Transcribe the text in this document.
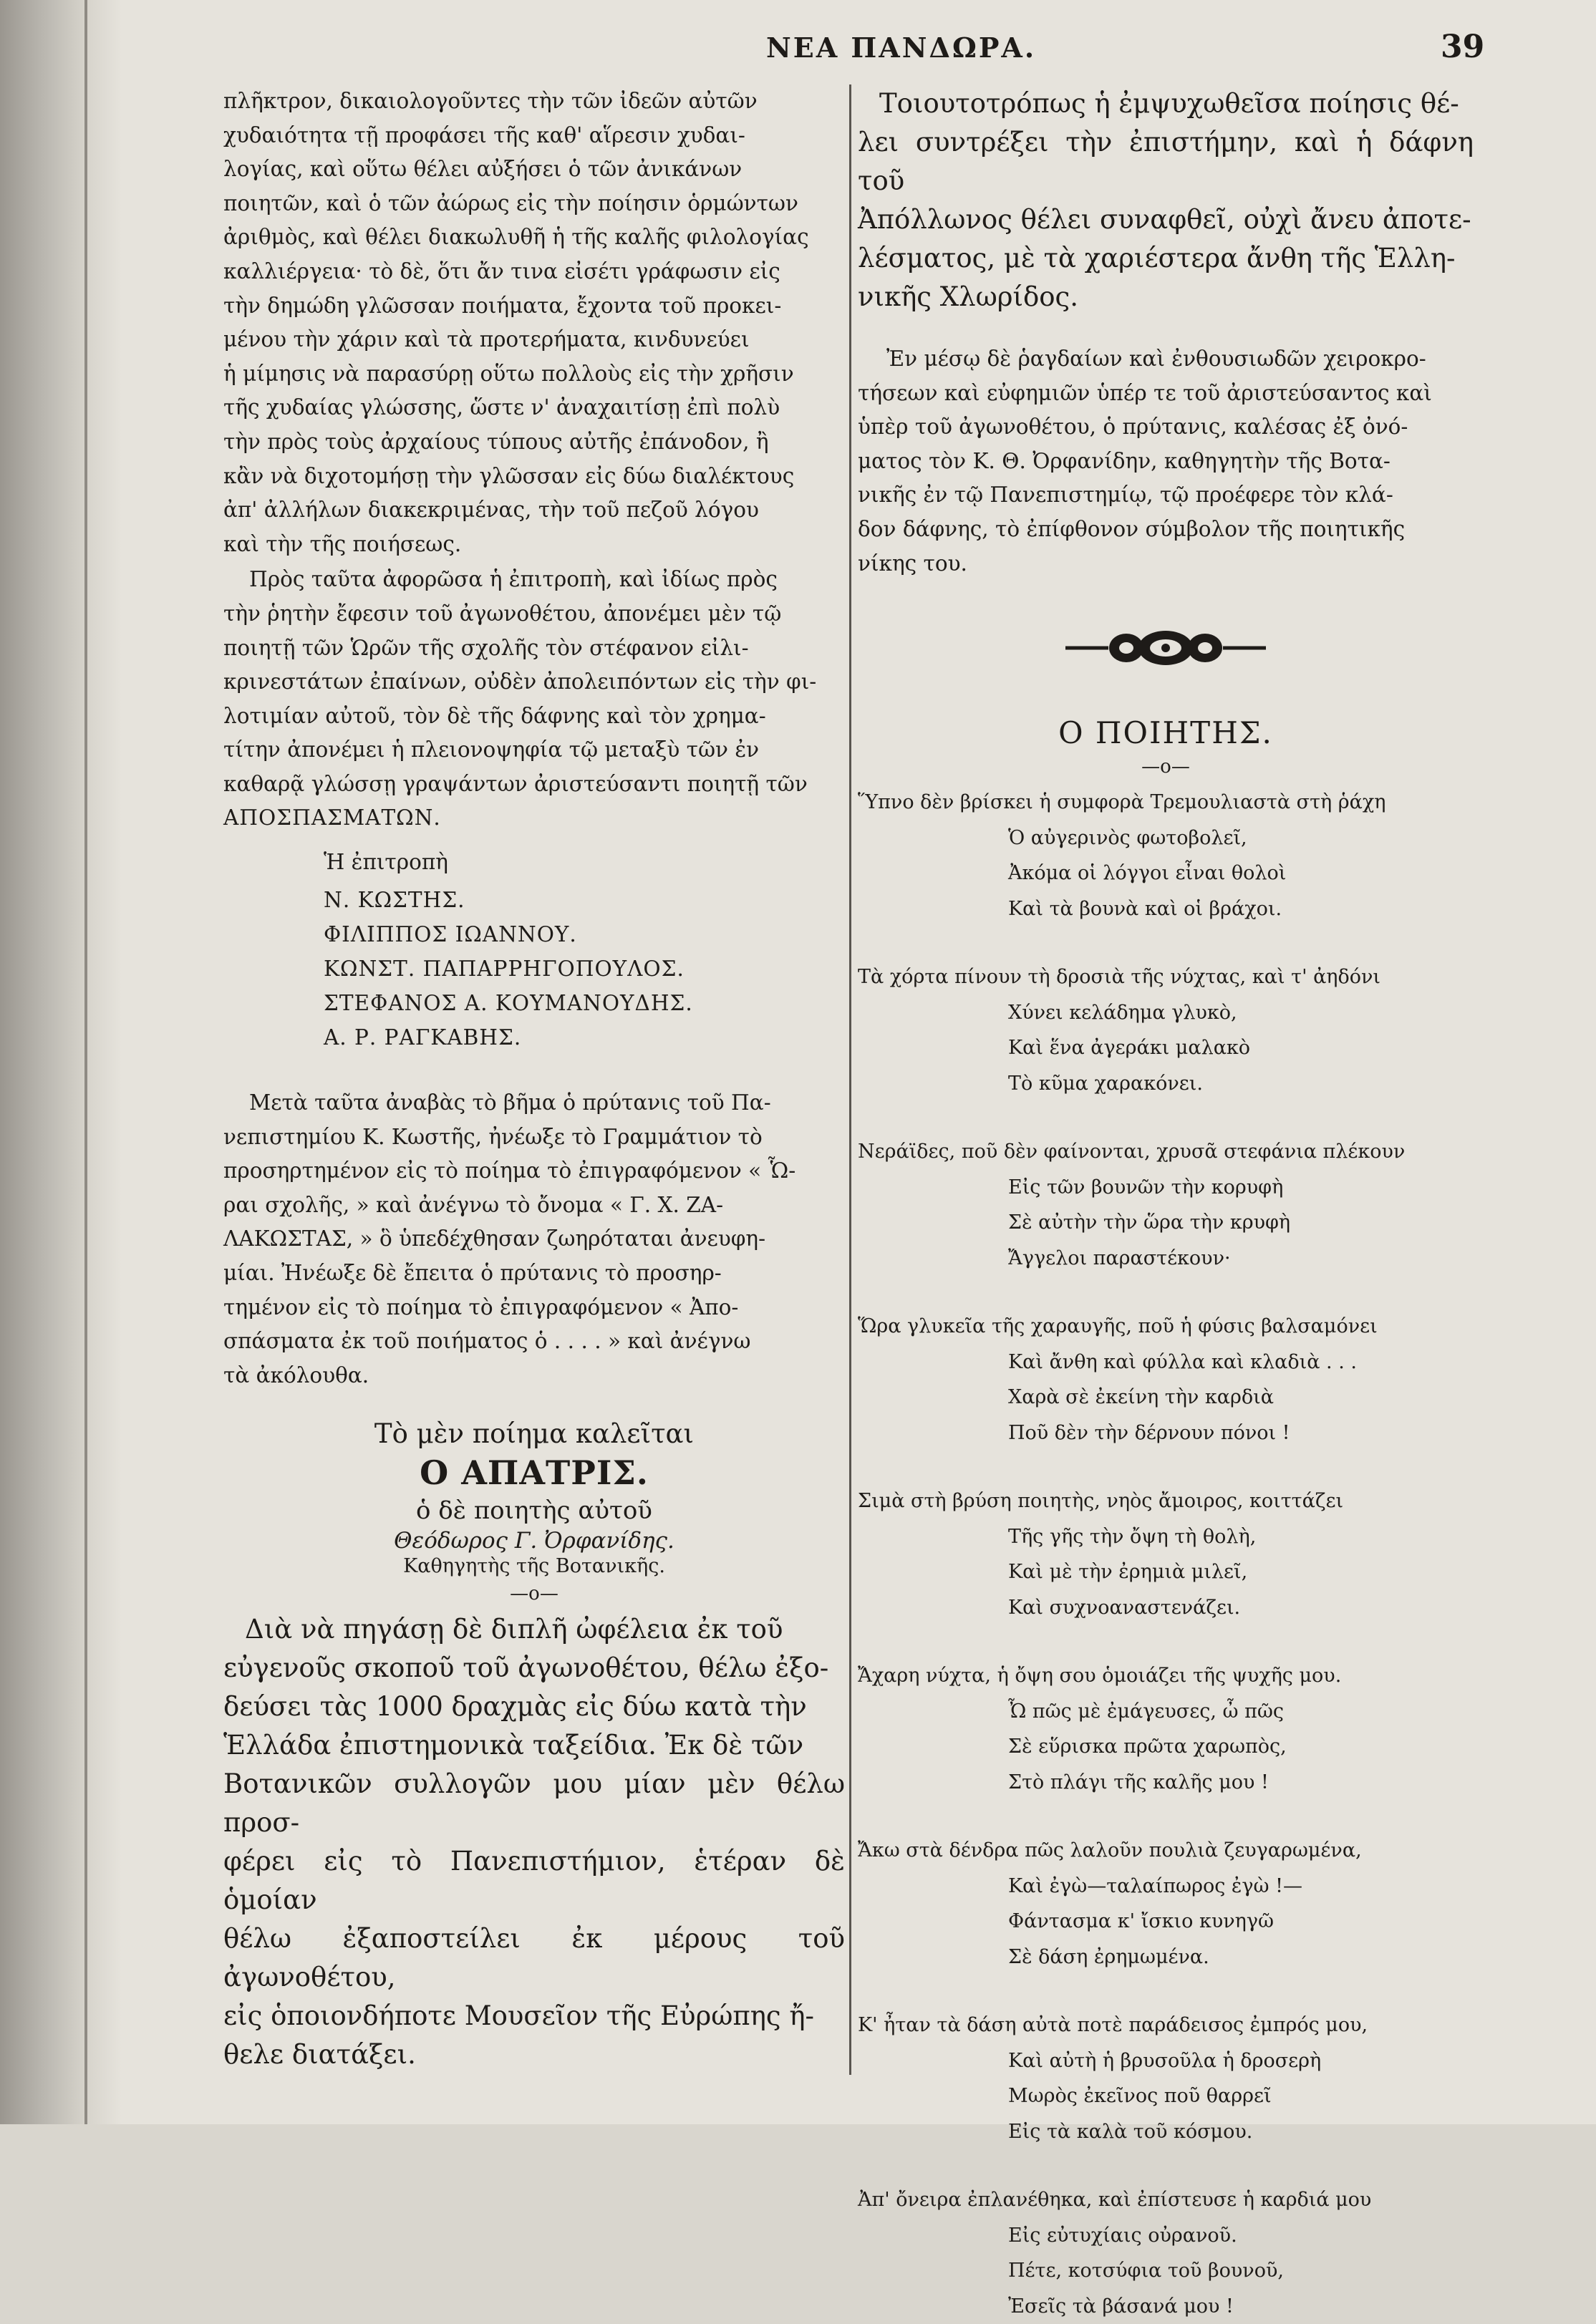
ΝΕΑ ΠΑΝΔΩΡΑ.	39
πλῆκτρον, δικαιολογοῦντες τὴν τῶν ἰδεῶν αὐτῶν
χυδαιότητα τῇ προφάσει τῆς καθ' αἵρεσιν χυδαι-
λογίας, καὶ οὕτω θέλει αὐξήσει ὁ τῶν ἀνικάνων
ποιητῶν, καὶ ὁ τῶν ἀώρως εἰς τὴν ποίησιν ὁρμώντων
ἀριθμὸς, καὶ θέλει διακωλυθῆ ἡ τῆς καλῆς φιλολογίας
καλλιέργεια· τὸ δὲ, ὅτι ἄν τινα εἰσέτι γράφωσιν εἰς
τὴν δημώδη γλῶσσαν ποιήματα, ἔχοντα τοῦ προκει-
μένου τὴν χάριν καὶ τὰ προτερήματα, κινδυνεύει
ἡ μίμησις νὰ παρασύρῃ οὕτω πολλοὺς εἰς τὴν χρῆσιν
τῆς χυδαίας γλώσσης, ὥστε ν' ἀναχαιτίσῃ ἐπὶ πολὺ
τὴν πρὸς τοὺς ἀρχαίους τύπους αὐτῆς ἐπάνοδον, ἢ
κἂν νὰ διχοτομήσῃ τὴν γλῶσσαν εἰς δύω διαλέκτους
ἀπ' ἀλλήλων διακεκριμένας, τὴν τοῦ πεζοῦ λόγου
καὶ τὴν τῆς ποιήσεως.
Πρὸς ταῦτα ἀφορῶσα ἡ ἐπιτροπὴ, καὶ ἰδίως πρὸς
τὴν ῥητὴν ἔφεσιν τοῦ ἀγωνοθέτου, ἀπονέμει μὲν τῷ
ποιητῇ τῶν Ὡρῶν τῆς σχολῆς τὸν στέφανον εἰλι-
κρινεστάτων ἐπαίνων, οὐδὲν ἀπολειπόντων εἰς τὴν φι-
λοτιμίαν αὐτοῦ, τὸν δὲ τῆς δάφνης καὶ τὸν χρημα-
τίτην ἀπονέμει ἡ πλειονοψηφία τῷ μεταξὺ τῶν ἐν
καθαρᾷ γλώσσῃ γραψάντων ἀριστεύσαντι ποιητῇ τῶν
ΑΠΟΣΠΑΣΜΑΤΩΝ.
Ἡ ἐπιτροπὴ
Ν. ΚΩΣΤΗΣ.
ΦΙΛΙΠΠΟΣ ΙΩΑΝΝΟΥ.
ΚΩΝΣΤ. ΠΑΠΑΡΡΗΓΟΠΟΥΛΟΣ.
ΣΤΕΦΑΝΟΣ Α. ΚΟΥΜΑΝΟΥΔΗΣ.
Α. Ρ. ΡΑΓΚΑΒΗΣ.
Μετὰ ταῦτα ἀναβὰς τὸ βῆμα ὁ πρύτανις τοῦ Πα-
νεπιστημίου Κ. Κωστῆς, ἠνέωξε τὸ Γραμμάτιον τὸ
προσηρτημένον εἰς τὸ ποίημα τὸ ἐπιγραφόμενον « Ὧ-
ραι σχολῆς, » καὶ ἀνέγνω τὸ ὄνομα « Γ. Χ. ΖΑ-
ΛΑΚΩΣΤΑΣ, » ὃ ὑπεδέχθησαν ζωηρόταται ἀνευφη-
μίαι. Ἠνέωξε δὲ ἔπειτα ὁ πρύτανις τὸ προσηρ-
τημένον εἰς τὸ ποίημα τὸ ἐπιγραφόμενον « Ἀπο-
σπάσματα ἐκ τοῦ ποιήματος ὁ . . . . » καὶ ἀνέγνω
τὰ ἀκόλουθα.
Τὸ μὲν ποίημα καλεῖται
Ο ΑΠΑΤΡΙΣ.
ὁ δὲ ποιητὴς αὐτοῦ
Θεόδωρος Γ. Ὀρφανίδης.
Καθηγητὴς τῆς Βοτανικῆς.
—o—
Διὰ νὰ πηγάσῃ δὲ διπλῆ ὠφέλεια ἐκ τοῦ
εὐγενοῦς σκοποῦ τοῦ ἀγωνοθέτου, θέλω ἐξο-
δεύσει τὰς 1000 δραχμὰς εἰς δύω κατὰ τὴν
Ἑλλάδα ἐπιστημονικὰ ταξείδια. Ἐκ δὲ τῶν
Βοτανικῶν συλλογῶν μου μίαν μὲν θέλω προσ-
φέρει εἰς τὸ Πανεπιστήμιον, ἑτέραν δὲ ὁμοίαν
θέλω ἐξαποστείλει ἐκ μέρους τοῦ ἀγωνοθέτου,
εἰς ὁποιονδήποτε Μουσεῖον τῆς Εὐρώπης ἤ-
θελε διατάξει.
Τοιουτοτρόπως ἡ ἐμψυχωθεῖσα ποίησις θέ-
λει συντρέξει τὴν ἐπιστήμην, καὶ ἡ δάφνη τοῦ
Ἀπόλλωνος θέλει συναφθεῖ, οὐχὶ ἄνευ ἀποτε-
λέσματος, μὲ τὰ χαριέστερα ἄνθη τῆς Ἑλλη-
νικῆς Χλωρίδος.
Ἐν μέσῳ δὲ ῥαγδαίων καὶ ἐνθουσιωδῶν χειροκρο-
τήσεων καὶ εὐφημιῶν ὑπέρ τε τοῦ ἀριστεύσαντος καὶ
ὑπὲρ τοῦ ἀγωνοθέτου, ὁ πρύτανις, καλέσας ἐξ ὀνό-
ματος τὸν Κ. Θ. Ὀρφανίδην, καθηγητὴν τῆς Βοτα-
νικῆς ἐν τῷ Πανεπιστημίῳ, τῷ προέφερε τὸν κλά-
δον δάφνης, τὸ ἐπίφθονον σύμβολον τῆς ποιητικῆς
νίκης του.
Ο ΠΟΙΗΤΗΣ.
—o—
Ὕπνο δὲν βρίσκει ἡ συμφορὰ Τρεμουλιαστὰ στὴ ῥάχη
Ὁ αὐγερινὸς φωτοβολεῖ,
Ἀκόμα οἱ λόγγοι εἶναι θολοὶ
Καὶ τὰ βουνὰ καὶ οἱ βράχοι.
Τὰ χόρτα πίνουν τὴ δροσιὰ τῆς νύχτας, καὶ τ' ἀηδόνι
Χύνει κελάδημα γλυκὸ,
Καὶ ἕνα ἀγεράκι μαλακὸ
Τὸ κῦμα χαρακόνει.
Νεράϊδες, ποῦ δὲν φαίνονται, χρυσᾶ στεφάνια πλέκουν
Εἰς τῶν βουνῶν τὴν κορυφὴ
Σὲ αὐτὴν τὴν ὥρα τὴν κρυφὴ
Ἄγγελοι παραστέκουν·
Ὥρα γλυκεῖα τῆς χαραυγῆς, ποῦ ἡ φύσις βαλσαμόνει
Καὶ ἄνθη καὶ φύλλα καὶ κλαδιὰ . . .
Χαρὰ σὲ ἐκείνη τὴν καρδιὰ
Ποῦ δὲν τὴν δέρνουν πόνοι !
Σιμὰ στὴ βρύση ποιητὴς, νηὸς ἄμοιρος, κοιττάζει
Τῆς γῆς τὴν ὄψη τὴ θολὴ,
Καὶ μὲ τὴν ἐρημιὰ μιλεῖ,
Καὶ συχνοαναστενάζει.
Ἄχαρη νύχτα, ἡ ὄψη σου ὁμοιάζει τῆς ψυχῆς μου.
Ὦ πῶς μὲ ἐμάγευσες, ὦ πῶς
Σὲ εὕρισκα πρῶτα χαρωπὸς,
Στὸ πλάγι τῆς καλῆς μου !
Ἄκω στὰ δένδρα πῶς λαλοῦν πουλιὰ ζευγαρωμένα,
Καὶ ἐγὼ—ταλαίπωρος ἐγὼ !—
Φάντασμα κ' ἴσκιο κυνηγῶ
Σὲ δάση ἐρημωμένα.
Κ' ἦταν τὰ δάση αὐτὰ ποτὲ παράδεισος ἐμπρός μου,
Καὶ αὐτὴ ἡ βρυσοῦλα ἡ δροσερὴ
Μωρὸς ἐκεῖνος ποῦ θαρρεῖ
Εἰς τὰ καλὰ τοῦ κόσμου.
Ἀπ' ὄνειρα ἐπλανέθηκα, καὶ ἐπίστευσε ἡ καρδιά μου
Εἰς εὐτυχίαις οὐρανοῦ.
Πέτε, κοτσύφια τοῦ βουνοῦ,
Ἐσεῖς τὰ βάσανά μου !
